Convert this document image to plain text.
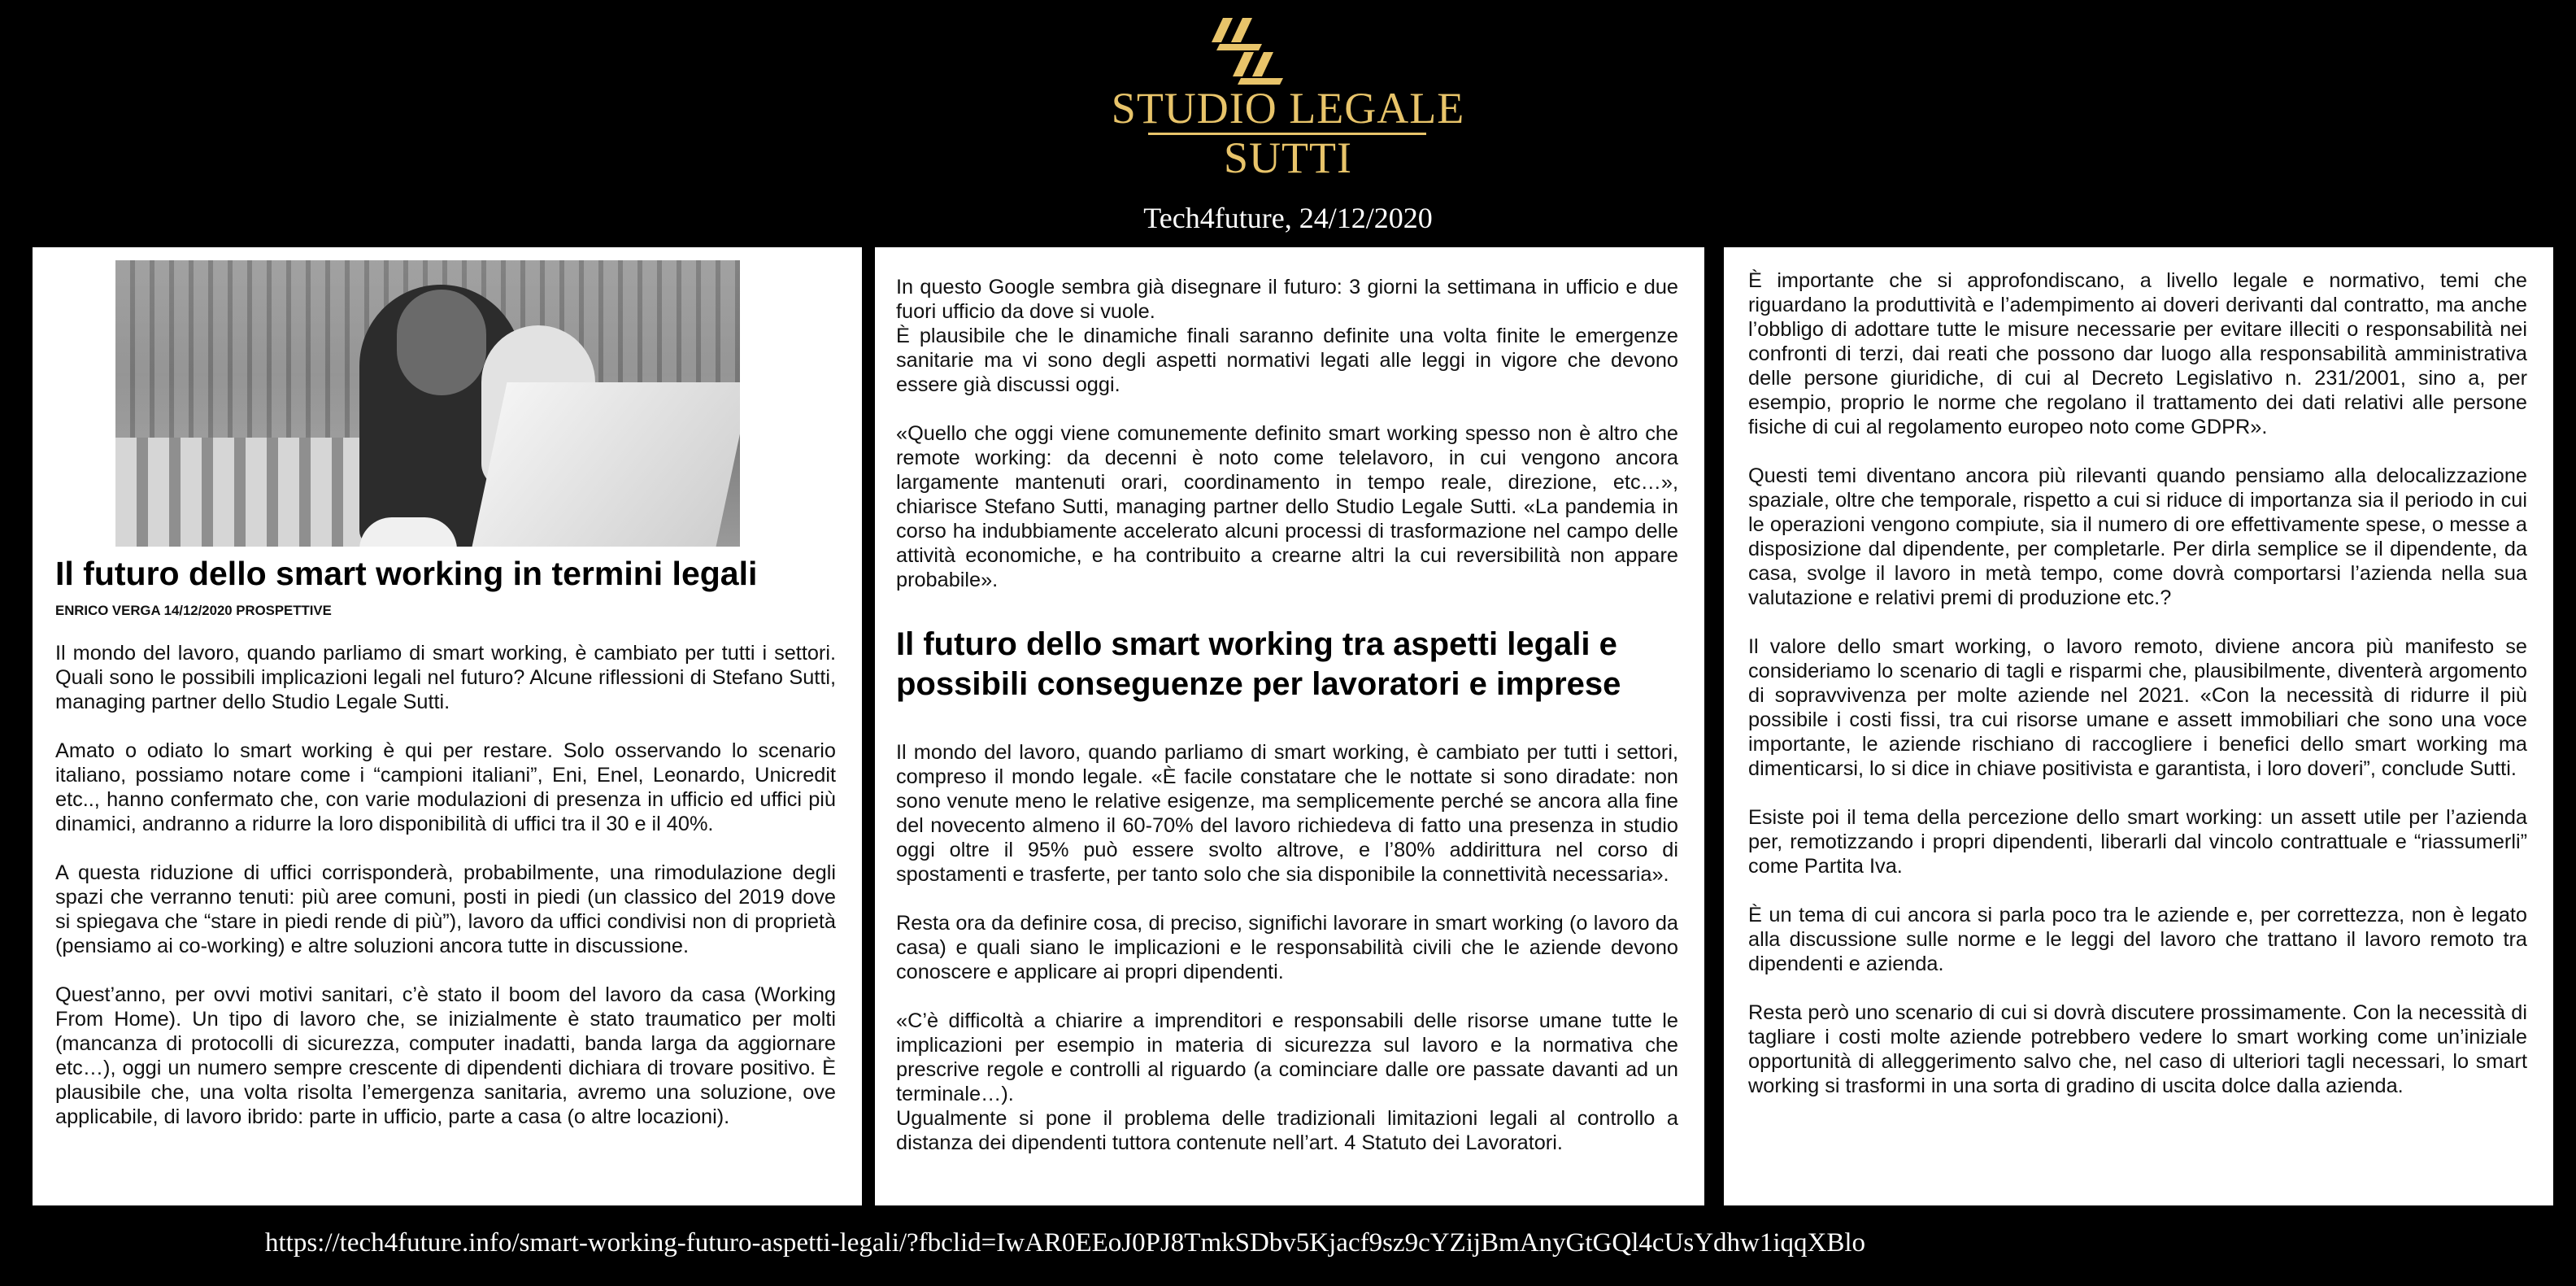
STUDIO LEGALE
SUTTI
Tech4future, 24/12/2020
Il futuro dello smart working in termini legali
ENRICO VERGA 14/12/2020 PROSPETTIVE

Il mondo del lavoro, quando parliamo di smart working, è cambiato per tutti i settori. Quali sono le possibili implicazioni legali nel futuro? Alcune riflessioni di Stefano Sutti, managing partner dello Studio Legale Sutti.

Amato o odiato lo smart working è qui per restare. Solo osservando lo scenario italiano, possiamo notare come i “campioni italiani”, Eni, Enel, Leonardo, Unicredit etc.., hanno confermato che, con varie modulazioni di presenza in ufficio ed uffici più dinamici, andranno a ridurre la loro disponibilità di uffici tra il 30 e il 40%.

A questa riduzione di uffici corrisponderà, probabilmente, una rimodulazione degli spazi che verranno tenuti: più aree comuni, posti in piedi (un classico del 2019 dove si spiegava che “stare in piedi rende di più”), lavoro da uffici condivisi non di proprietà (pensiamo ai co-working) e altre soluzioni ancora tutte in discussione.

Quest’anno, per ovvi motivi sanitari, c’è stato il boom del lavoro da casa (Working From Home). Un tipo di lavoro che, se inizialmente è stato traumatico per molti (mancanza di protocolli di sicurezza, computer inadatti, banda larga da aggiornare etc…), oggi un numero sempre crescente di dipendenti dichiara di trovare positivo. È plausibile che, una volta risolta l’emergenza sanitaria, avremo una soluzione, ove applicabile, di lavoro ibrido: parte in ufficio, parte a casa (o altre locazioni).

In questo Google sembra già disegnare il futuro: 3 giorni la settimana in ufficio e due fuori ufficio da dove si vuole.
È plausibile che le dinamiche finali saranno definite una volta finite le emergenze sanitarie ma vi sono degli aspetti normativi legati alle leggi in vigore che devono essere già discussi oggi.

«Quello che oggi viene comunemente definito smart working spesso non è altro che remote working: da decenni è noto come telelavoro, in cui vengono ancora largamente mantenuti orari, coordinamento in tempo reale, direzione, etc…», chiarisce Stefano Sutti, managing partner dello Studio Legale Sutti. «La pandemia in corso ha indubbiamente accelerato alcuni processi di trasformazione nel campo delle attività economiche, e ha contribuito a crearne altri la cui reversibilità non appare probabile».

Il futuro dello smart working tra aspetti legali e possibili conseguenze per lavoratori e imprese

Il mondo del lavoro, quando parliamo di smart working, è cambiato per tutti i settori, compreso il mondo legale. «È facile constatare che le nottate si sono diradate: non sono venute meno le relative esigenze, ma semplicemente perché se ancora alla fine del novecento almeno il 60-70% del lavoro richiedeva di fatto una presenza in studio oggi oltre il 95% può essere svolto altrove, e l’80% addirittura nel corso di spostamenti e trasferte, per tanto solo che sia disponibile la connettività necessaria».

Resta ora da definire cosa, di preciso, significhi lavorare in smart working (o lavoro da casa) e quali siano le implicazioni e le responsabilità civili che le aziende devono conoscere e applicare ai propri dipendenti.

«C’è difficoltà a chiarire a imprenditori e responsabili delle risorse umane tutte le implicazioni per esempio in materia di sicurezza sul lavoro e la normativa che prescrive regole e controlli al riguardo (a cominciare dalle ore passate davanti ad un terminale…).
Ugualmente si pone il problema delle tradizionali limitazioni legali al controllo a distanza dei dipendenti tuttora contenute nell’art. 4 Statuto dei Lavoratori.

È importante che si approfondiscano, a livello legale e normativo, temi che riguardano la produttività e l’adempimento ai doveri derivanti dal contratto, ma anche l’obbligo di adottare tutte le misure necessarie per evitare illeciti o responsabilità nei confronti di terzi, dai reati che possono dar luogo alla responsabilità amministrativa delle persone giuridiche, di cui al Decreto Legislativo n. 231/2001, sino a, per esempio, proprio le norme che regolano il trattamento dei dati relativi alle persone fisiche di cui al regolamento europeo noto come GDPR».

Questi temi diventano ancora più rilevanti quando pensiamo alla delocalizzazione spaziale, oltre che temporale, rispetto a cui si riduce di importanza sia il periodo in cui le operazioni vengono compiute, sia il numero di ore effettivamente spese, o messe a disposizione dal dipendente, per completarle. Per dirla semplice se il dipendente, da casa, svolge il lavoro in metà tempo, come dovrà comportarsi l’azienda nella sua valutazione e relativi premi di produzione etc.?

Il valore dello smart working, o lavoro remoto, diviene ancora più manifesto se consideriamo lo scenario di tagli e risparmi che, plausibilmente, diventerà argomento di sopravvivenza per molte aziende nel 2021. «Con la necessità di ridurre il più possibile i costi fissi, tra cui risorse umane e assett immobiliari che sono una voce importante, le aziende rischiano di raccogliere i benefici dello smart working ma dimenticarsi, lo si dice in chiave positivista e garantista, i loro doveri”, conclude Sutti.

Esiste poi il tema della percezione dello smart working: un assett utile per l’azienda per, remotizzando i propri dipendenti, liberarli dal vincolo contrattuale e “riassumerli” come Partita Iva.

È un tema di cui ancora si parla poco tra le aziende e, per correttezza, non è legato alla discussione sulle norme e le leggi del lavoro che trattano il lavoro remoto tra dipendenti e azienda.

Resta però uno scenario di cui si dovrà discutere prossimamente. Con la necessità di tagliare i costi molte aziende potrebbero vedere lo smart working come un’iniziale opportunità di alleggerimento salvo che, nel caso di ulteriori tagli necessari, lo smart working si trasformi in una sorta di gradino di uscita dolce dalla azienda.

https://tech4future.info/smart-working-futuro-aspetti-legali/?fbclid=IwAR0EEoJ0PJ8TmkSDbv5Kjacf9sz9cYZijBmAnyGtGQl4cUsYdhw1iqqXBlo
